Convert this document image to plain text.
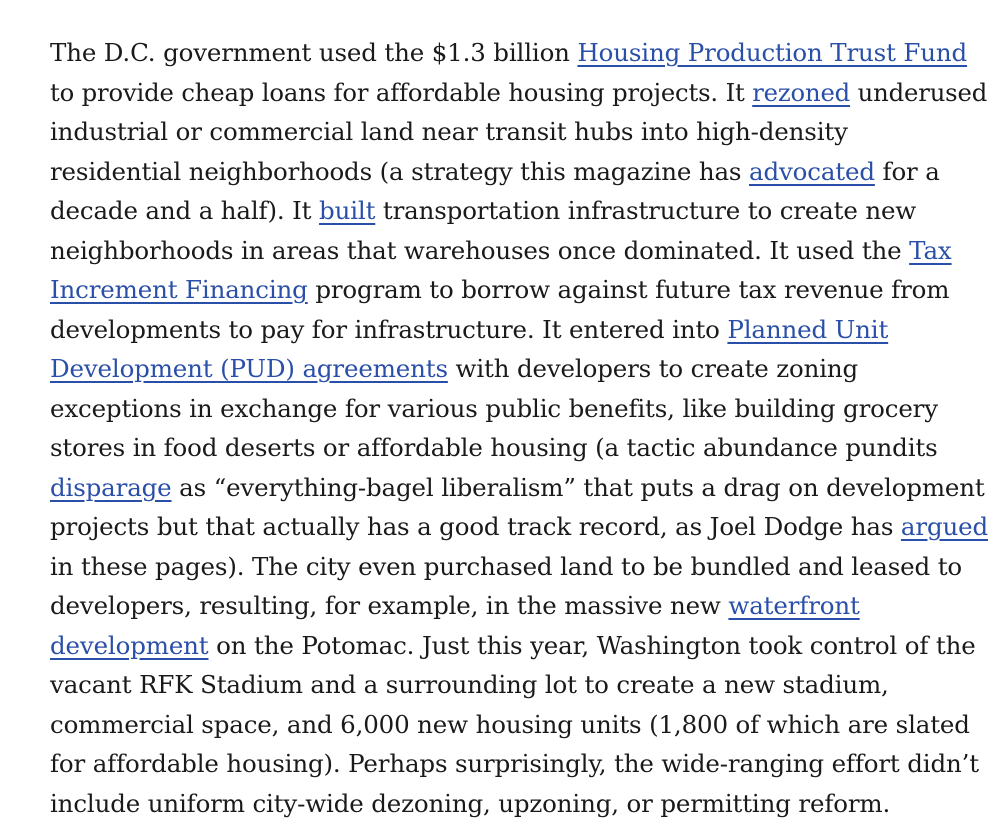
The D.C. government used the $1.3 billion Housing Production Trust Fund
to provide cheap loans for affordable housing projects. It rezoned underused
industrial or commercial land near transit hubs into high-density
residential neighborhoods (a strategy this magazine has advocated for a
decade and a half). It built transportation infrastructure to create new
neighborhoods in areas that warehouses once dominated. It used the Tax
Increment Financing program to borrow against future tax revenue from
developments to pay for infrastructure. It entered into Planned Unit
Development (PUD) agreements with developers to create zoning
exceptions in exchange for various public benefits, like building grocery
stores in food deserts or affordable housing (a tactic abundance pundits
disparage as “everything-bagel liberalism” that puts a drag on development
projects but that actually has a good track record, as Joel Dodge has argued
in these pages). The city even purchased land to be bundled and leased to
developers, resulting, for example, in the massive new waterfront
development on the Potomac. Just this year, Washington took control of the
vacant RFK Stadium and a surrounding lot to create a new stadium,
commercial space, and 6,000 new housing units (1,800 of which are slated
for affordable housing). Perhaps surprisingly, the wide-ranging effort didn’t
include uniform city-wide dezoning, upzoning, or permitting reform.
